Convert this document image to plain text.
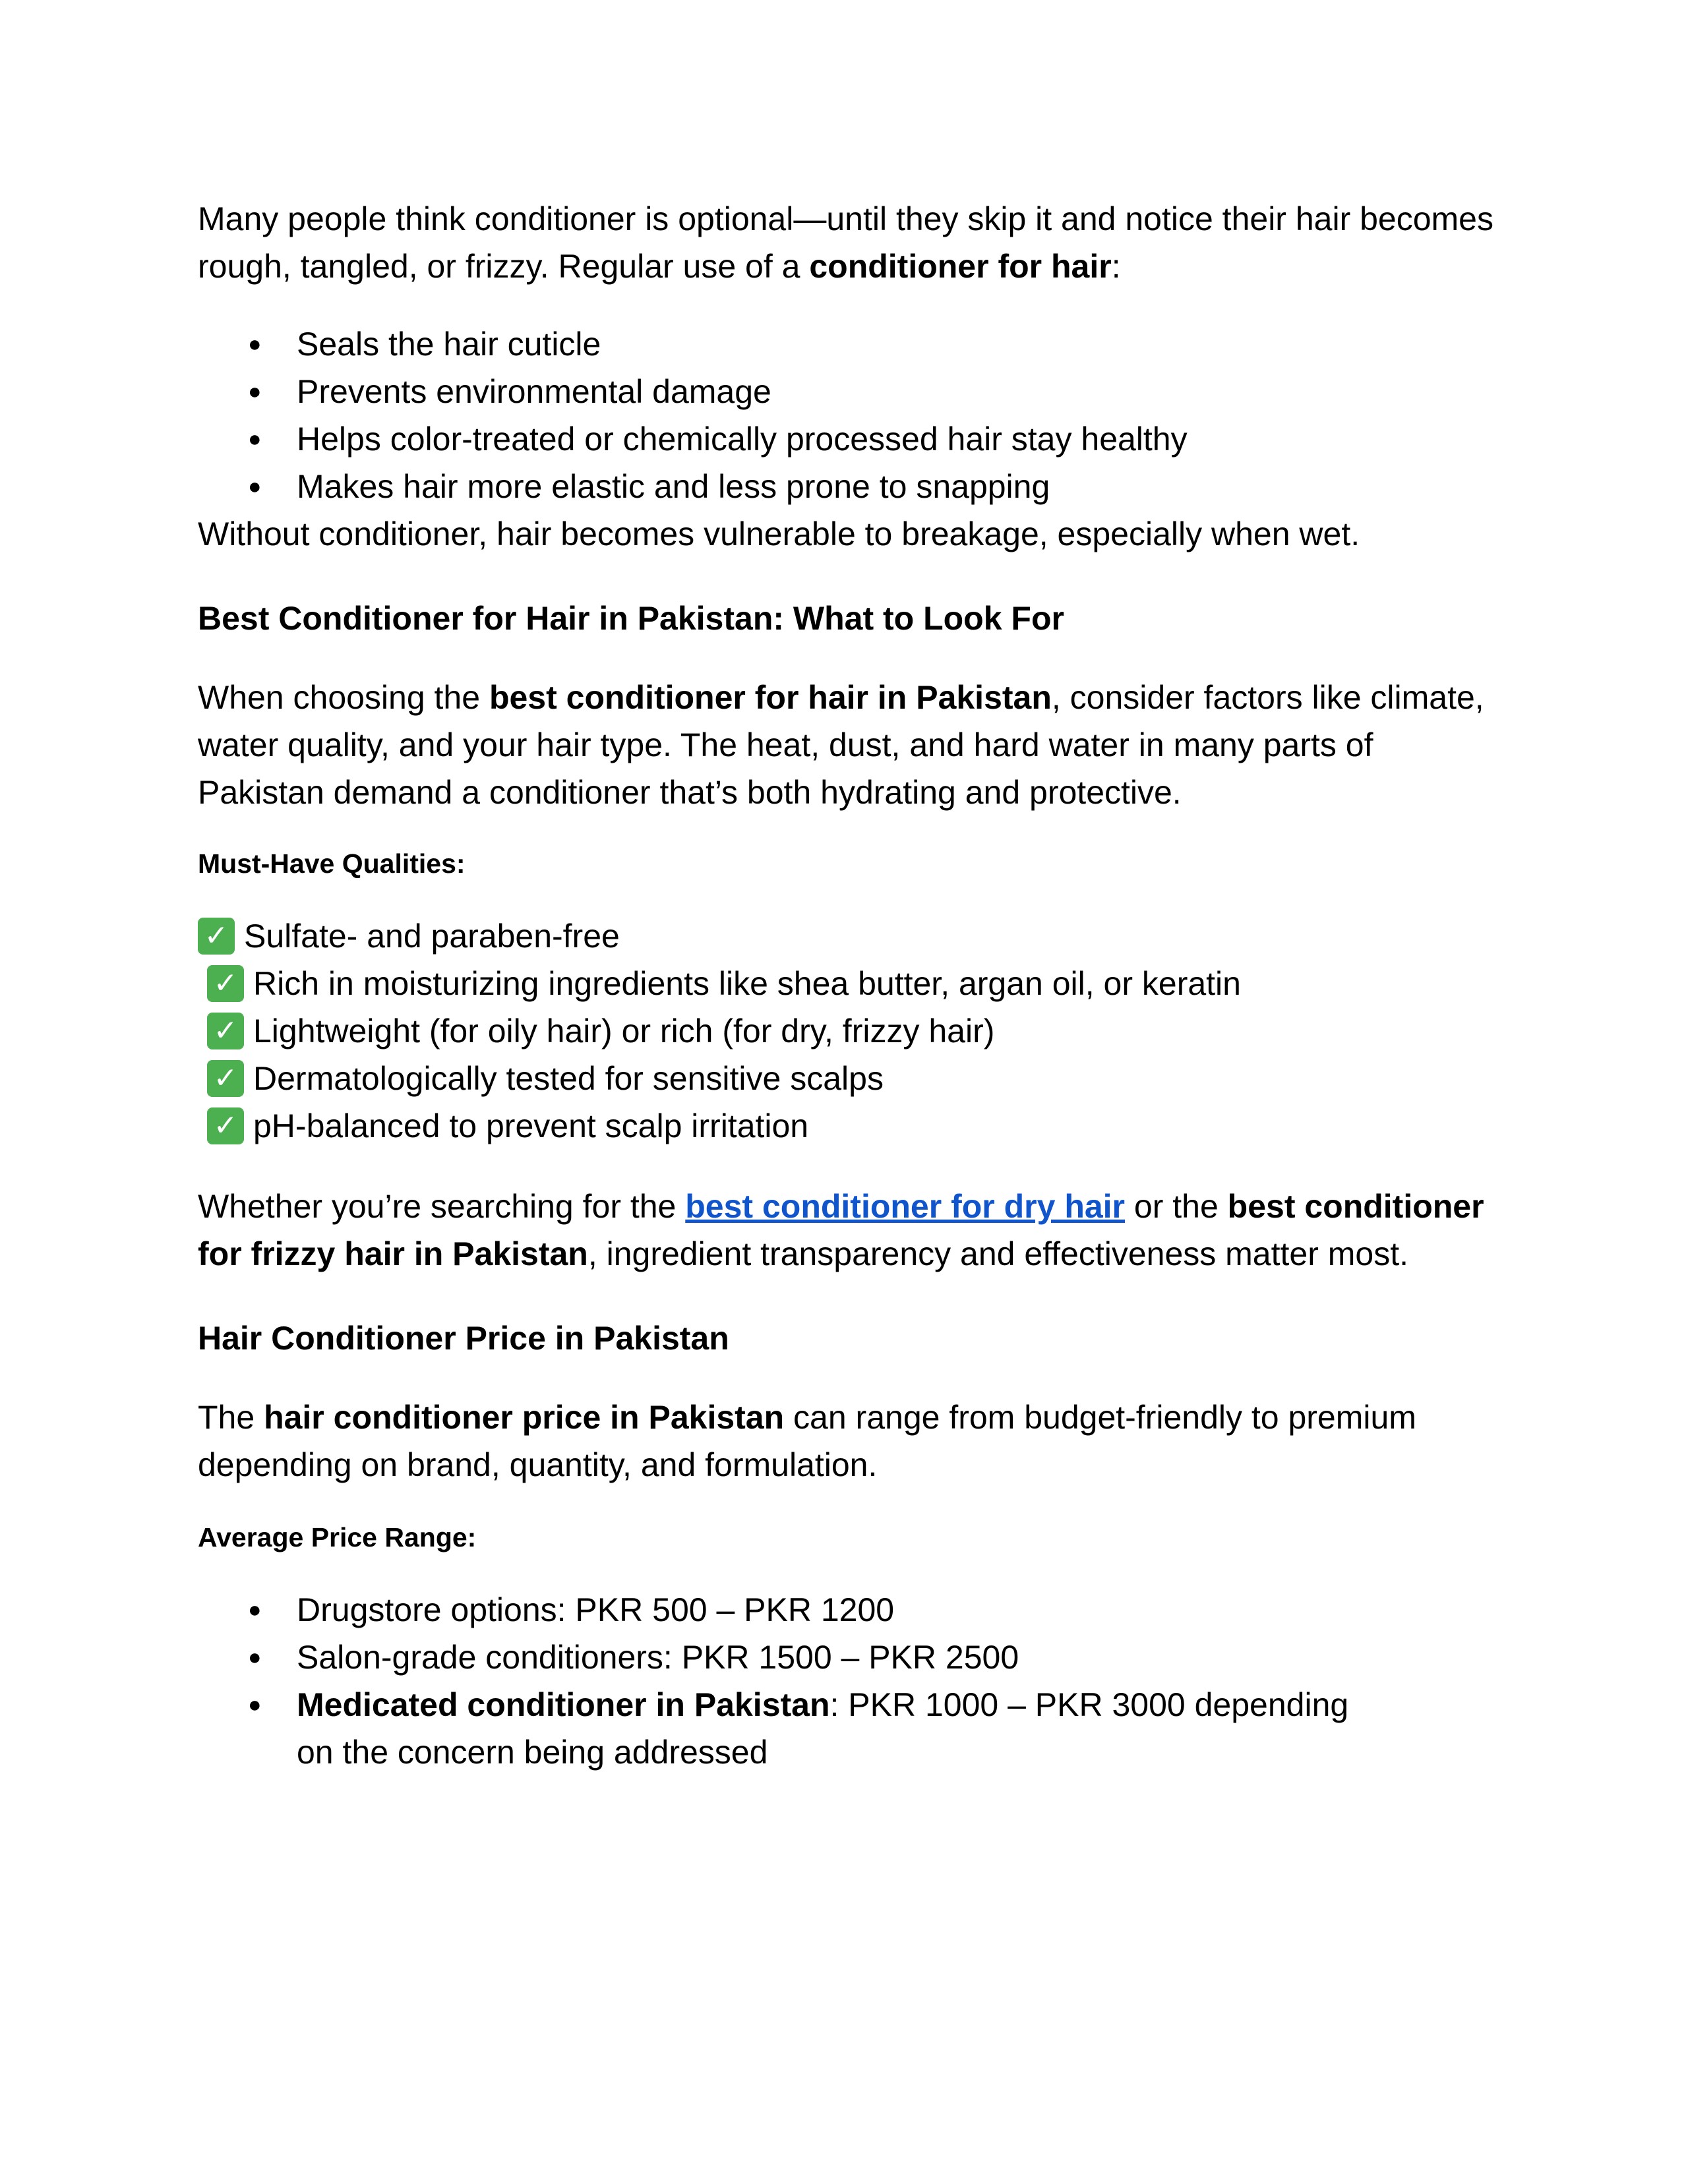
Many people think conditioner is optional—until they skip it and notice their hair becomes rough, tangled, or frizzy. Regular use of a conditioner for hair:

● Seals the hair cuticle
● Prevents environmental damage
● Helps color-treated or chemically processed hair stay healthy
● Makes hair more elastic and less prone to snapping

Without conditioner, hair becomes vulnerable to breakage, especially when wet.

Best Conditioner for Hair in Pakistan: What to Look For

When choosing the best conditioner for hair in Pakistan, consider factors like climate, water quality, and your hair type. The heat, dust, and hard water in many parts of Pakistan demand a conditioner that’s both hydrating and protective.

Must-Have Qualities:
✓ Sulfate- and paraben-free
✓ Rich in moisturizing ingredients like shea butter, argan oil, or keratin
✓ Lightweight (for oily hair) or rich (for dry, frizzy hair)
✓ Dermatologically tested for sensitive scalps
✓ pH-balanced to prevent scalp irritation

Whether you’re searching for the best conditioner for dry hair or the best conditioner for frizzy hair in Pakistan, ingredient transparency and effectiveness matter most.

Hair Conditioner Price in Pakistan

The hair conditioner price in Pakistan can range from budget-friendly to premium depending on brand, quantity, and formulation.

Average Price Range:
● Drugstore options: PKR 500 – PKR 1200
● Salon-grade conditioners: PKR 1500 – PKR 2500
● Medicated conditioner in Pakistan: PKR 1000 – PKR 3000 depending
on the concern being addressed
